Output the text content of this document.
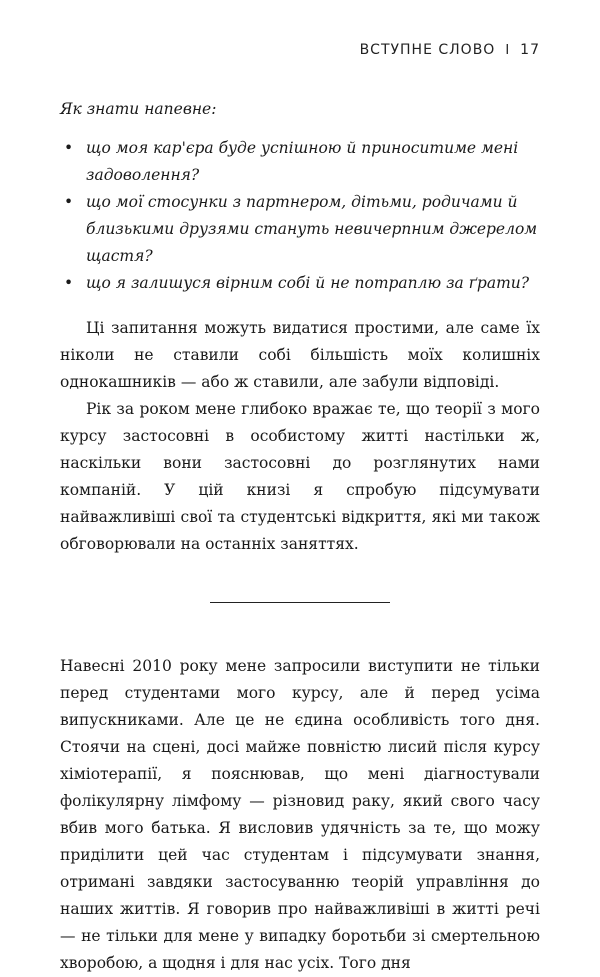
ВСТУПНЕ СЛОВО I 17

Як знати напевне:

• що моя кар'єра буде успішною й приноситиме мені задоволення?
• що мої стосунки з партнером, дітьми, родичами й близькими друзями стануть невичерпним джерелом щастя?
• що я залишуся вірним собі й не потраплю за ґрати?

Ці запитання можуть видатися простими, але саме їх ніколи не ставили собі більшість моїх колишніх однокашників — або ж ставили, але забули відповіді.

Рік за роком мене глибоко вражає те, що теорії з мого курсу застосовні в особистому житті настільки ж, наскільки вони застосовні до розглянутих нами компаній. У цій книзі я спробую підсумувати найважливіші свої та студентські відкриття, які ми також обговорювали на останніх заняттях.

Навесні 2010 року мене запросили виступити не тільки перед студентами мого курсу, але й перед усіма випускниками. Але це не єдина особливість того дня. Стоячи на сцені, досі майже повністю лисий після курсу хіміотерапії, я пояснював, що мені діагностували фолікулярну лімфому — різновид раку, який свого часу вбив мого батька. Я висловив удячність за те, що можу приділити цей час студентам і підсумувати знання, отримані завдяки застосуванню теорій управління до наших життів. Я говорив про найважливіші в житті речі — не тільки для мене у випадку боротьби зі смертельною хворобою, а щодня і для нас усіх. Того дня
